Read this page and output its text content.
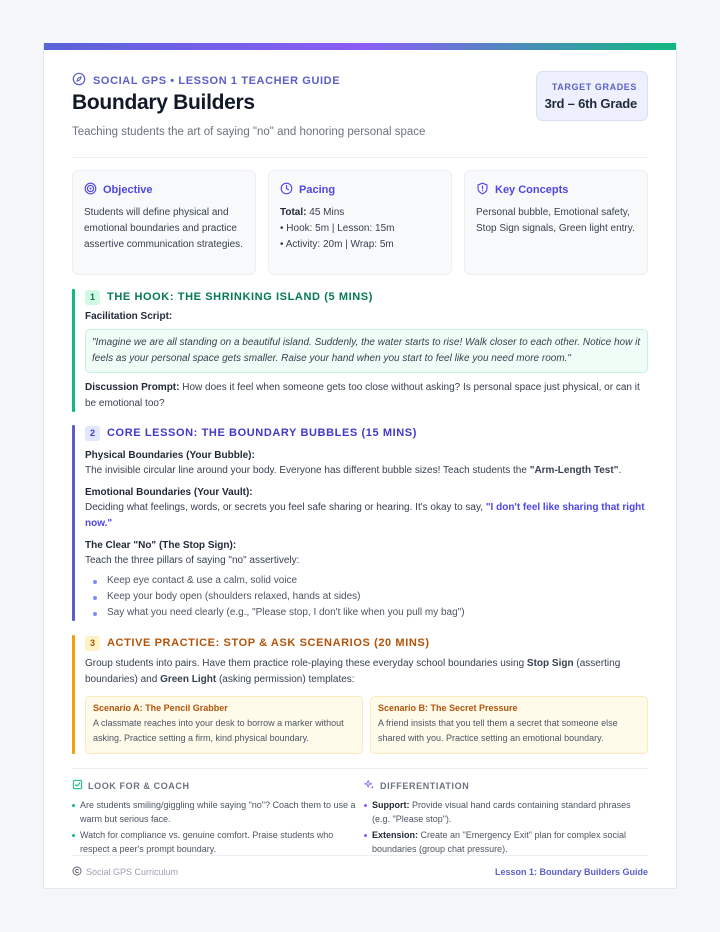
SOCIAL GPS • LESSON 1 TEACHER GUIDE
Boundary Builders
Teaching students the art of saying "no" and honoring personal space
TARGET GRADES
3rd – 6th Grade
Objective
Students will define physical and emotional boundaries and practice assertive communication strategies.
Pacing
Total: 45 Mins
• Hook: 5m | Lesson: 15m
• Activity: 20m | Wrap: 5m
Key Concepts
Personal bubble, Emotional safety, Stop Sign signals, Green light entry.
1	THE HOOK: THE SHRINKING ISLAND (5 MINS)
Facilitation Script:
"Imagine we are all standing on a beautiful island. Suddenly, the water starts to rise! Walk closer to each other. Notice how it feels as your personal space gets smaller. Raise your hand when you start to feel like you need more room."
Discussion Prompt: How does it feel when someone gets too close without asking? Is personal space just physical, or can it be emotional too?
2	CORE LESSON: THE BOUNDARY BUBBLES (15 MINS)
Physical Boundaries (Your Bubble):
The invisible circular line around your body. Everyone has different bubble sizes! Teach students the "Arm-Length Test".
Emotional Boundaries (Your Vault):
Deciding what feelings, words, or secrets you feel safe sharing or hearing. It's okay to say, "I don't feel like sharing that right now."
The Clear "No" (The Stop Sign):
Teach the three pillars of saying "no" assertively:
Keep eye contact & use a calm, solid voice
Keep your body open (shoulders relaxed, hands at sides)
Say what you need clearly (e.g., "Please stop, I don't like when you pull my bag")
3	ACTIVE PRACTICE: STOP & ASK SCENARIOS (20 MINS)
Group students into pairs. Have them practice role-playing these everyday school boundaries using Stop Sign (asserting boundaries) and Green Light (asking permission) templates:
Scenario A: The Pencil Grabber
A classmate reaches into your desk to borrow a marker without asking. Practice setting a firm, kind physical boundary.
Scenario B: The Secret Pressure
A friend insists that you tell them a secret that someone else shared with you. Practice setting an emotional boundary.
LOOK FOR & COACH
Are students smiling/giggling while saying "no"? Coach them to use a warm but serious face.
Watch for compliance vs. genuine comfort. Praise students who respect a peer's prompt boundary.
DIFFERENTIATION
Support: Provide visual hand cards containing standard phrases (e.g. "Please stop").
Extension: Create an "Emergency Exit" plan for complex social boundaries (group chat pressure).
Social GPS Curriculum	Lesson 1: Boundary Builders Guide
